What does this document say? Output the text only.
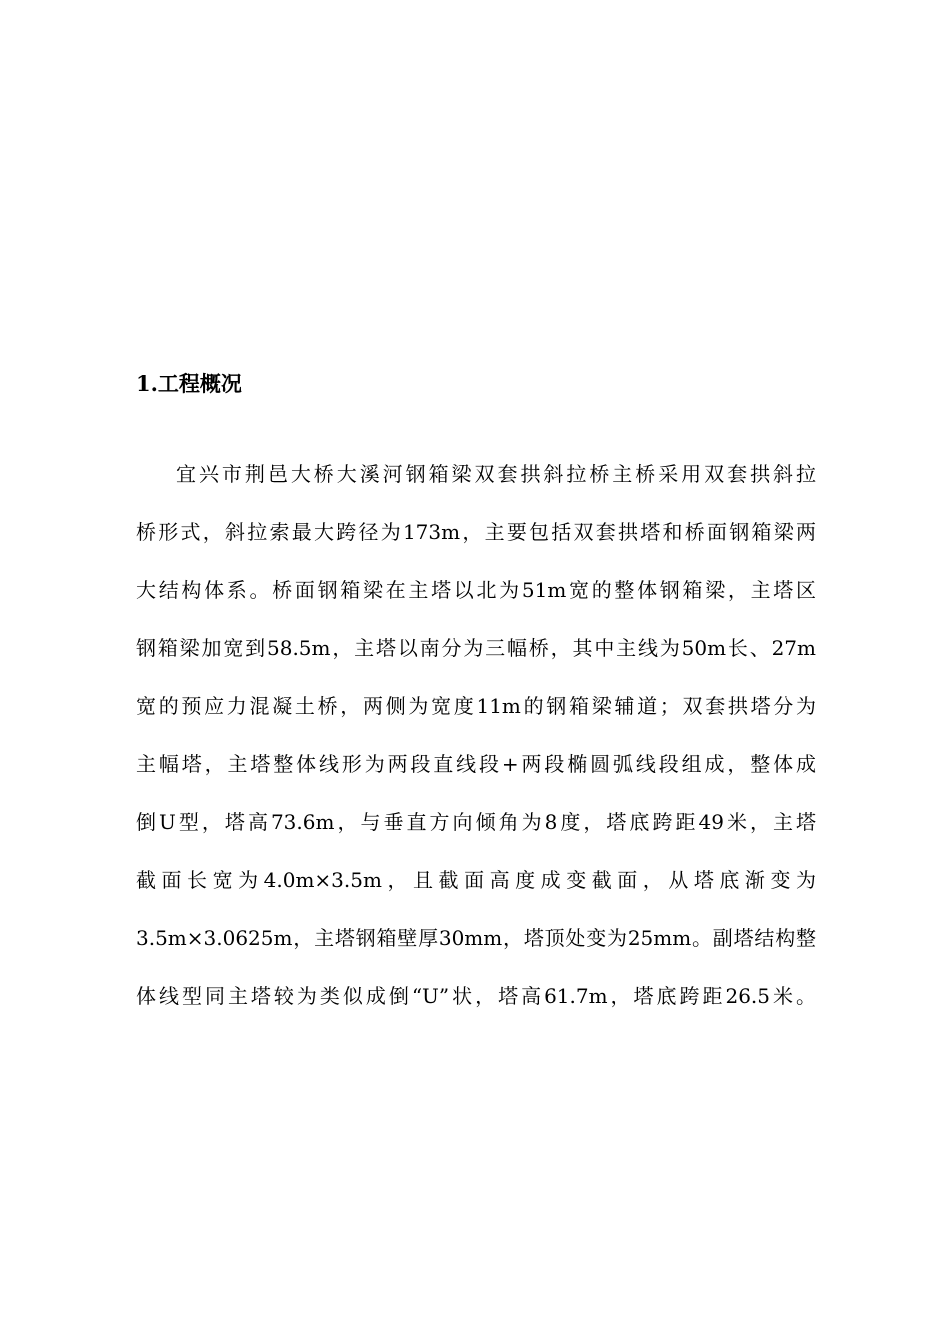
1.工程概况
宜兴市荆邑大桥大溪河钢箱梁双套拱斜拉桥主桥采用双套拱斜拉
桥形式，斜拉索最大跨径为173m，主要包括双套拱塔和桥面钢箱梁两
大结构体系。桥面钢箱梁在主塔以北为51m宽的整体钢箱梁，主塔区
钢箱梁加宽到58.5m，主塔以南分为三幅桥，其中主线为50m长、27m
宽的预应力混凝土桥，两侧为宽度11m的钢箱梁辅道；双套拱塔分为
主幅塔，主塔整体线形为两段直线段+两段椭圆弧线段组成，整体成
倒U型，塔高73.6m，与垂直方向倾角为8度，塔底跨距49米，主塔
截面长宽为4.0m×3.5m，且截面高度成变截面，从塔底渐变为
3.5m×3.0625m，主塔钢箱壁厚30mm，塔顶处变为25mm。副塔结构整
体线型同主塔较为类似成倒“U”状，塔高61.7m，塔底跨距26.5米。
